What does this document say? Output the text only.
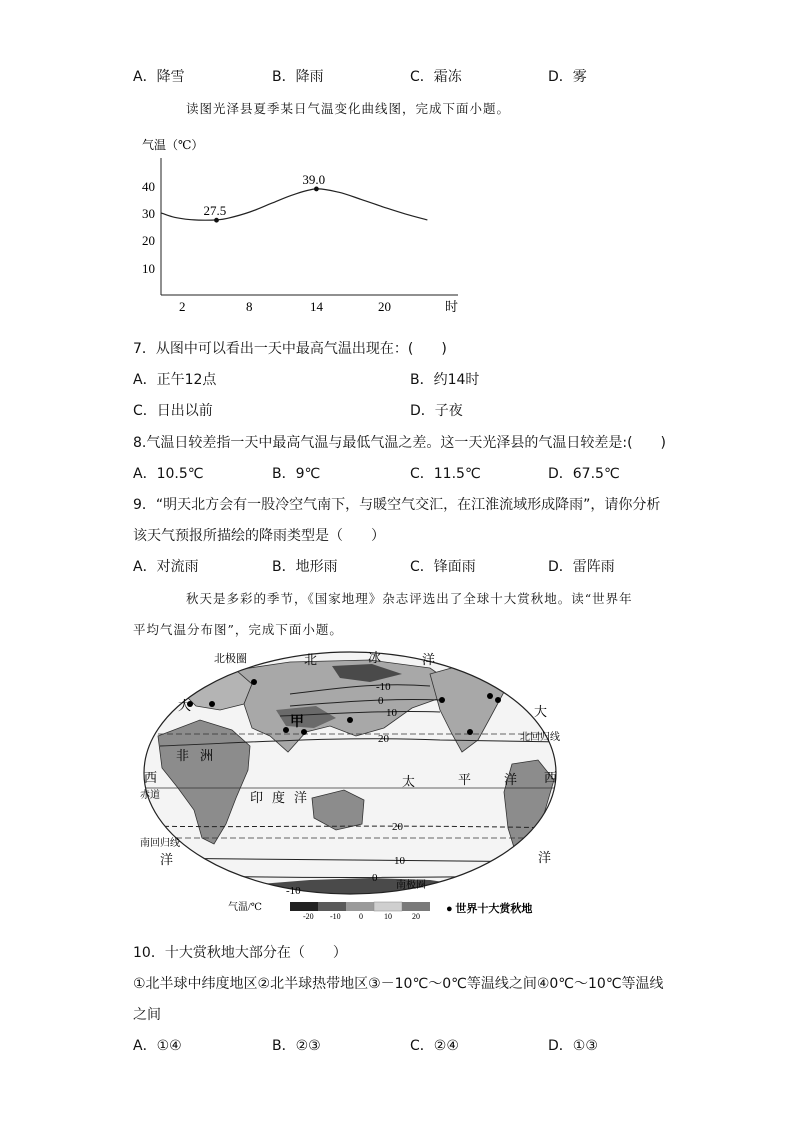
A．降雪	B．降雨	C．霜冻	D．雾
读图光泽县夏季某日气温变化曲线图，完成下面小题。
气温（℃）
40
30
20
10
2	8	14	20	时
27.5
39.0
7．从图中可以看出一天中最高气温出现在：(　　)
A．正午12点	B．约14时
C．日出以前	D．子夜
8.气温日较差指一天中最高气温与最低气温之差。这一天光泽县的气温日较差是:(　　)
A．10.5℃	B．9℃	C．11.5℃	D．67.5℃
9．“明天北方会有一股冷空气南下，与暖空气交汇，在江淮流域形成降雨”，请你分析
该天气预报所描绘的降雨类型是（　　）
A．对流雨	B．地形雨	C．锋面雨	D．雷阵雨
秋天是多彩的季节，《国家地理》杂志评选出了全球十大赏秋地。读“世界年
平均气温分布图”，完成下面小题。
北极圈	北	冰	洋
大	大
甲
非 洲
北回归线
西	西
太	平	洋
赤道	印 度 洋
南回归线
洋	洋
南极圈
-10
0
10
20
20
10
0
-10
气温/℃
-20 -10 0	10	20
● 世界十大赏秋地
10．十大赏秋地大部分在（　　）
①北半球中纬度地区②北半球热带地区③－10℃～0℃等温线之间④0℃～10℃等温线
之间
A．①④	B．②③	C．②④	D．①③
